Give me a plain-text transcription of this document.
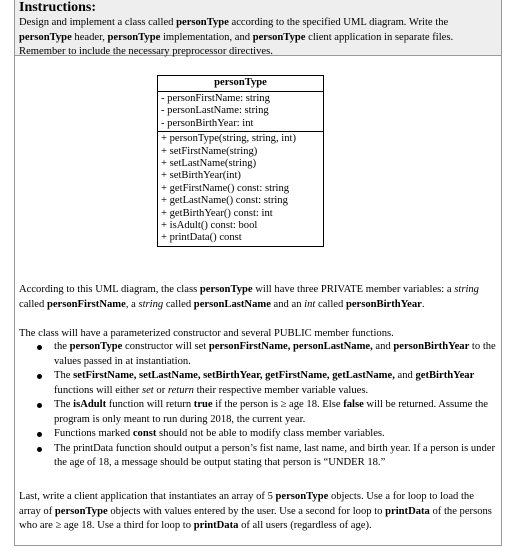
Instructions:
Design and implement a class called personType according to the specified UML diagram. Write the personType header, personType implementation, and personType client application in separate files. Remember to include the necessary preprocessor directives.
personType
- personFirstName: string
- personLastName: string
- personBirthYear: int
+ personType(string, string, int)
+ setFirstName(string)
+ setLastName(string)
+ setBirthYear(int)
+ getFirstName() const: string
+ getLastName() const: string
+ getBirthYear() const: int
+ isAdult() const: bool
+ printData() const
According to this UML diagram, the class personType will have three PRIVATE member variables: a string called personFirstName, a string called personLastName and an int called personBirthYear.
The class will have a parameterized constructor and several PUBLIC member functions.
the personType constructor will set personFirstName, personLastName, and personBirthYear to the values passed in at instantiation.
The setFirstName, setLastName, setBirthYear, getFirstName, getLastName, and getBirthYear functions will either set or return their respective member variable values.
The isAdult function will return true if the person is ≥ age 18. Else false will be returned. Assume the program is only meant to run during 2018, the current year.
Functions marked const should not be able to modify class member variables.
The printData function should output a person’s fist name, last name, and birth year. If a person is under the age of 18, a message should be output stating that person is “UNDER 18.”
Last, write a client application that instantiates an array of 5 personType objects. Use a for loop to load the array of personType objects with values entered by the user. Use a second for loop to printData of the persons who are ≥ age 18. Use a third for loop to printData of all users (regardless of age).
